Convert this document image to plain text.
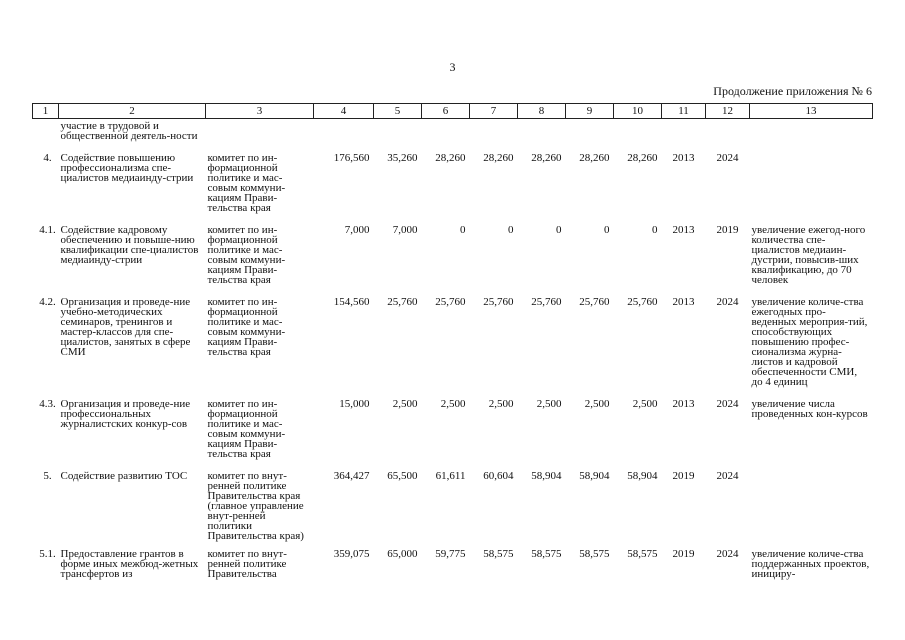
3
Продолжение приложения № 6
1	2	3	4	5	6	7	8	9	10	11	12	13
	участие в трудовой и общественной деятель-ности											

4.	Содействие повышению профессионализма спе-циалистов медиаинду-стрии	комитет по ин-формационной политике и мас-совым коммуни-кациям Прави-тельства края	176,560	35,260	28,260	28,260	28,260	28,260	28,260	2013	2024	

4.1.	Содействие кадровому обеспечению и повыше-нию квалификации спе-циалистов медиаинду-стрии	комитет по ин-формационной политике и мас-совым коммуни-кациям Прави-тельства края	7,000	7,000	0	0	0	0	0	2013	2019	увеличение ежегод-ного количества спе-циалистов медиаин-дустрии, повысив-ших квалификацию, до 70 человек

4.2.	Организация и проведе-ние учебно-методических семинаров, тренингов и мастер-классов для спе-циалистов, занятых в сфере СМИ	комитет по ин-формационной политике и мас-совым коммуни-кациям Прави-тельства края	154,560	25,760	25,760	25,760	25,760	25,760	25,760	2013	2024	увеличение количе-ства ежегодных про-веденных мероприя-тий, способствующих повышению профес-сионализма журна-листов и кадровой обеспеченности СМИ, до 4 единиц

4.3.	Организация и проведе-ние профессиональных журналистских конкур-сов	комитет по ин-формационной политике и мас-совым коммуни-кациям Прави-тельства края	15,000	2,500	2,500	2,500	2,500	2,500	2,500	2013	2024	увеличение числа проведенных кон-курсов

5.	Содействие развитию ТОС	комитет по внут-ренней политике Правительства края (главное управление внут-ренней политики Правительства края)	364,427	65,500	61,611	60,604	58,904	58,904	58,904	2019	2024	

5.1.	Предоставление грантов в форме иных межбюд-жетных трансфертов из	комитет по внут-ренней политике Правительства	359,075	65,000	59,775	58,575	58,575	58,575	58,575	2019	2024	увеличение количе-ства поддержанных проектов, инициру-
